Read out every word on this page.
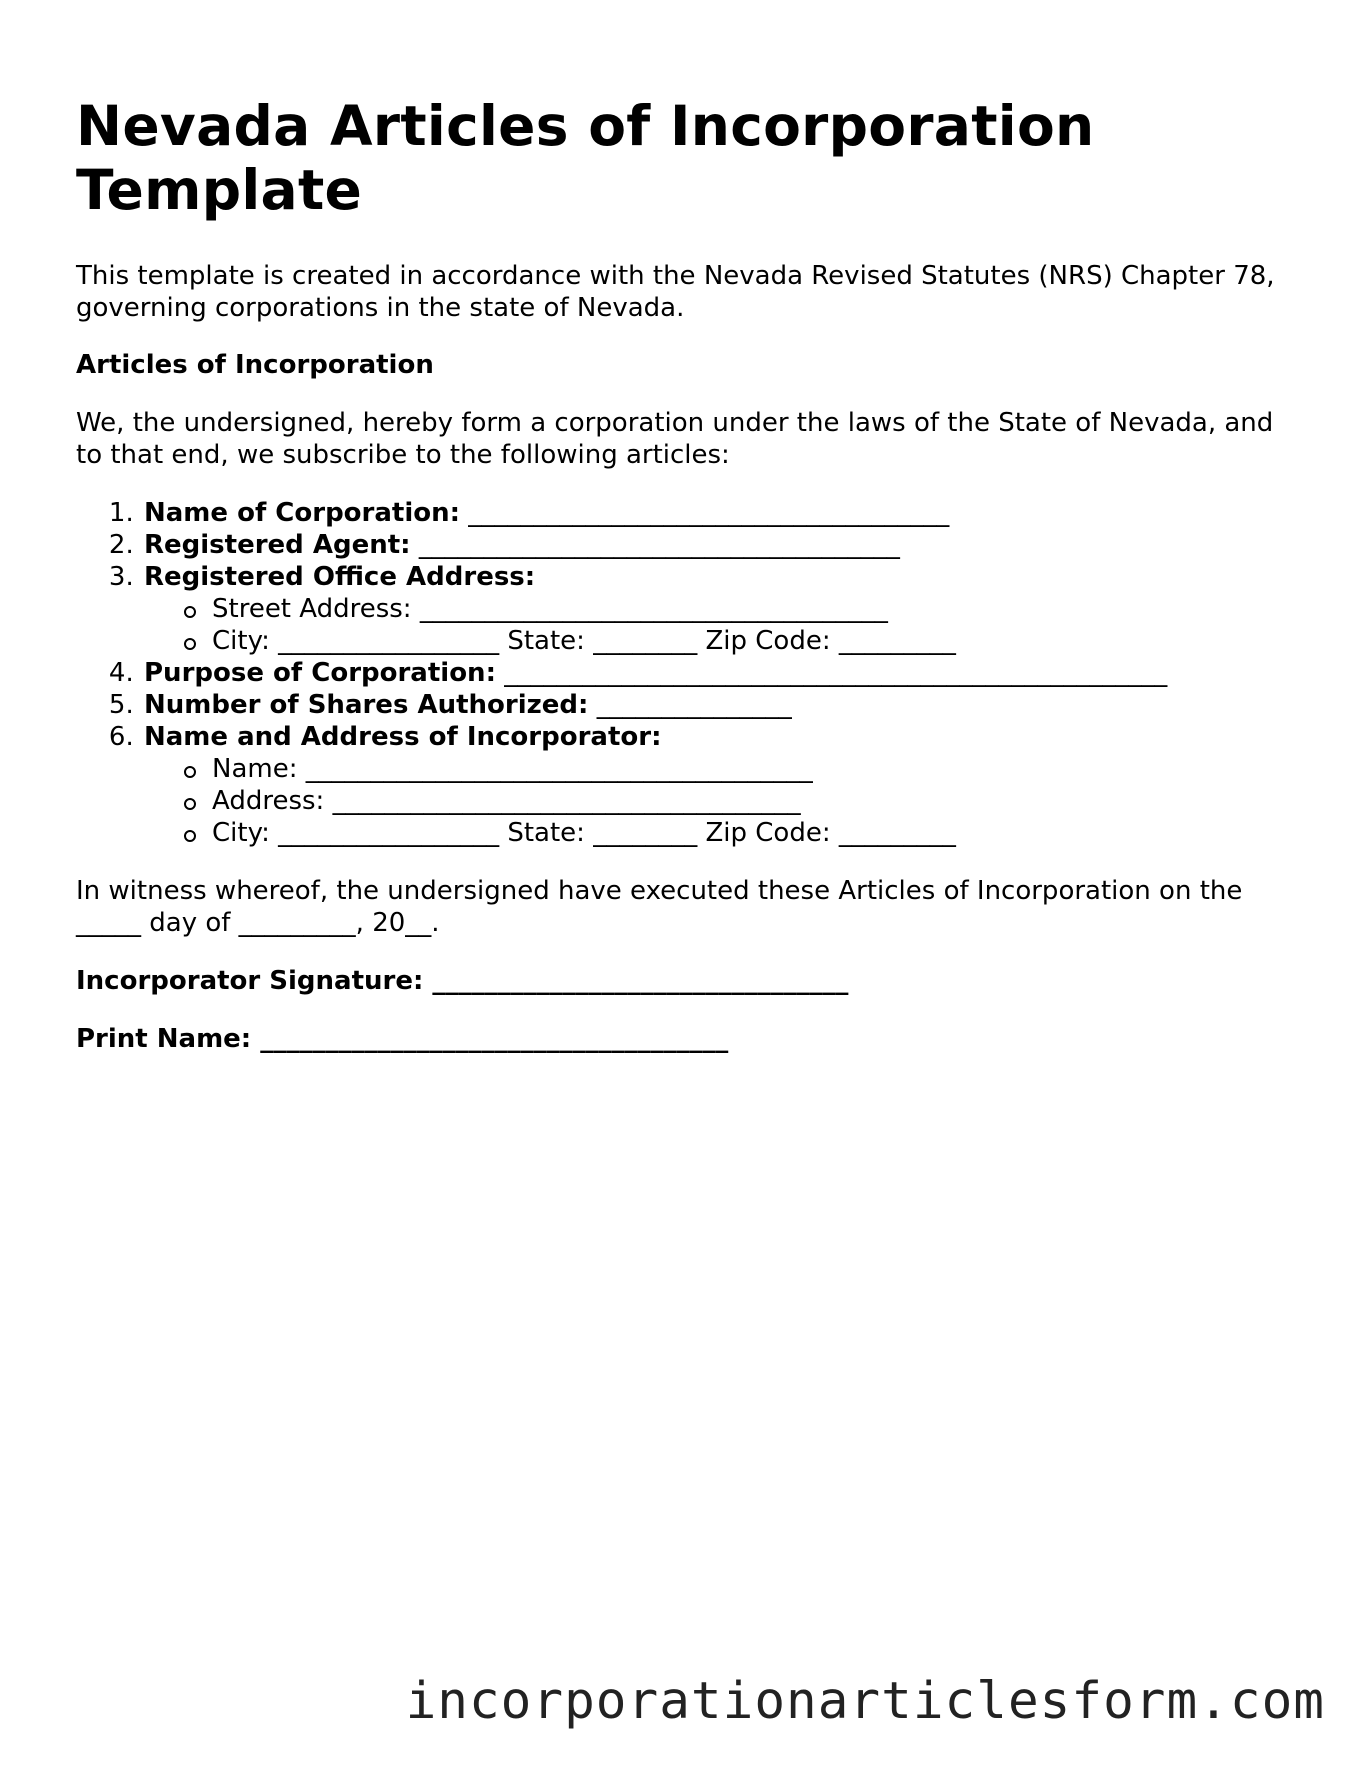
Nevada Articles of Incorporation Template

This template is created in accordance with the Nevada Revised Statutes (NRS) Chapter 78, governing corporations in the state of Nevada.

Articles of Incorporation

We, the undersigned, hereby form a corporation under the laws of the State of Nevada, and to that end, we subscribe to the following articles:

1. Name of Corporation: _____________________________________
2. Registered Agent: _____________________________________
3. Registered Office Address:
Street Address: ____________________________________
City: _________________ State: ________ Zip Code: _________
4. Purpose of Corporation: ___________________________________________________
5. Number of Shares Authorized: _______________
6. Name and Address of Incorporator:
Name: _______________________________________
Address: ____________________________________
City: _________________ State: ________ Zip Code: _________

In witness whereof, the undersigned have executed these Articles of Incorporation on the _____ day of _________, 20__.

Incorporator Signature: ________________________________

Print Name: ____________________________________

incorporationarticlesform.com
